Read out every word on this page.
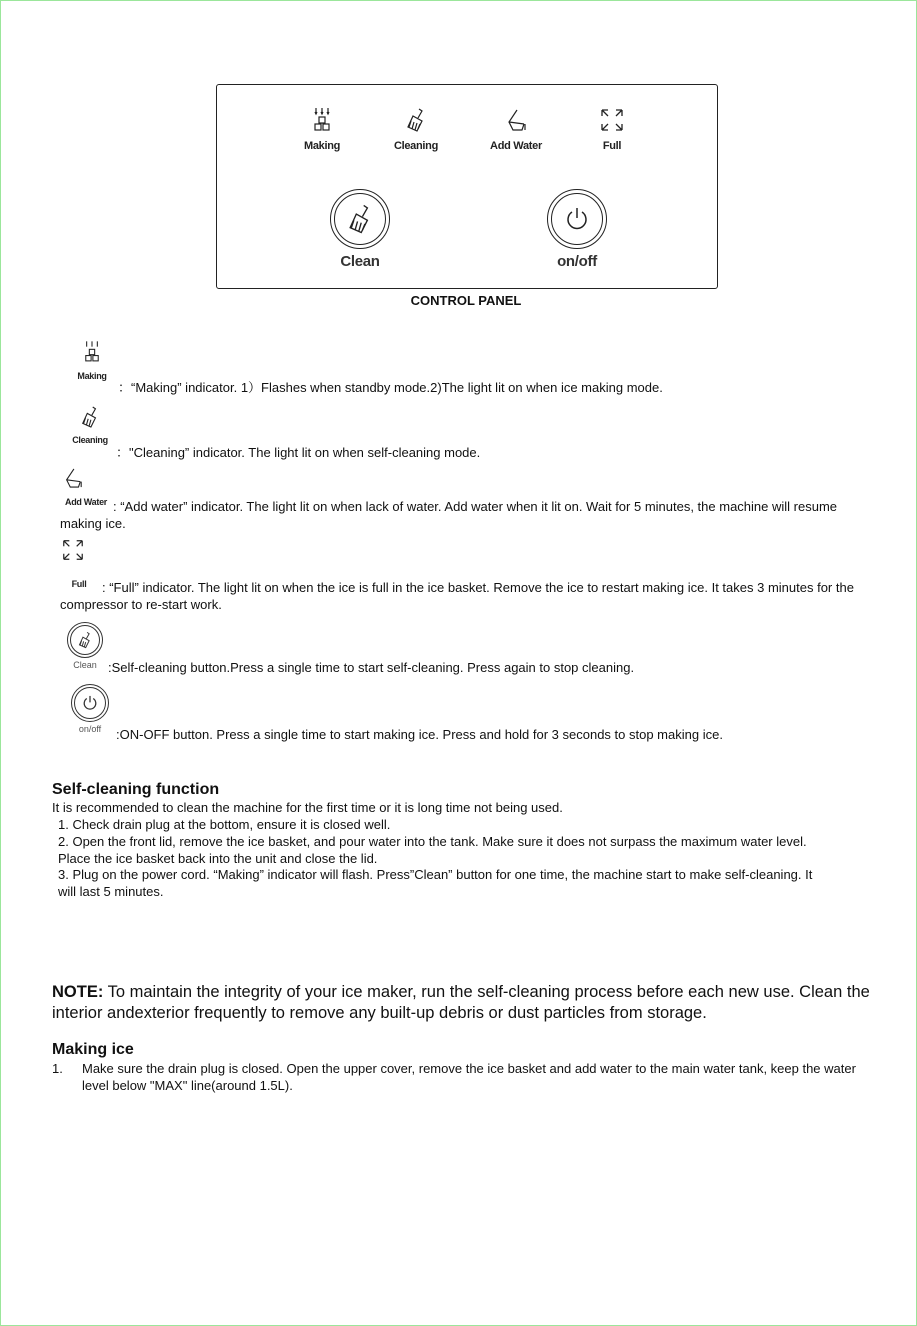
Making	Cleaning	Add Water	Full
Clean	on/off
CONTROL PANEL
Making
：“Making” indicator. 1）Flashes when standby mode.2)The light lit on when ice making mode.
Cleaning
："Cleaning” indicator. The light lit on when self-cleaning mode.
Add Water : “Add water” indicator. The light lit on when lack of water. Add water when it lit on. Wait for 5 minutes, the machine will resume making ice.
Full	: “Full” indicator. The light lit on when the ice is full in the ice basket. Remove the ice to restart making ice. It takes 3 minutes for the compressor to re-start work.
Clean :Self-cleaning button.Press a single time to start self-cleaning. Press again to stop cleaning.
on/off	:ON-OFF button. Press a single time to start making ice. Press and hold for 3 seconds to stop making ice.
Self-cleaning function
It is recommended to clean the machine for the first time or it is long time not being used.
1. Check drain plug at the bottom, ensure it is closed well.
2. Open the front lid, remove the ice basket, and pour water into the tank. Make sure it does not surpass the maximum water level. Place the ice basket back into the unit and close the lid.
3. Plug on the power cord. “Making” indicator will flash. Press”Clean” button for one time, the machine start to make self-cleaning. It will last 5 minutes.
NOTE: To maintain the integrity of your ice maker, run the self-cleaning process before each new use. Clean the interior andexterior frequently to remove any built-up debris or dust particles from storage.
Making ice
1. Make sure the drain plug is closed. Open the upper cover, remove the ice basket and add water to the main water tank, keep the water level below "MAX" line(around 1.5L).
